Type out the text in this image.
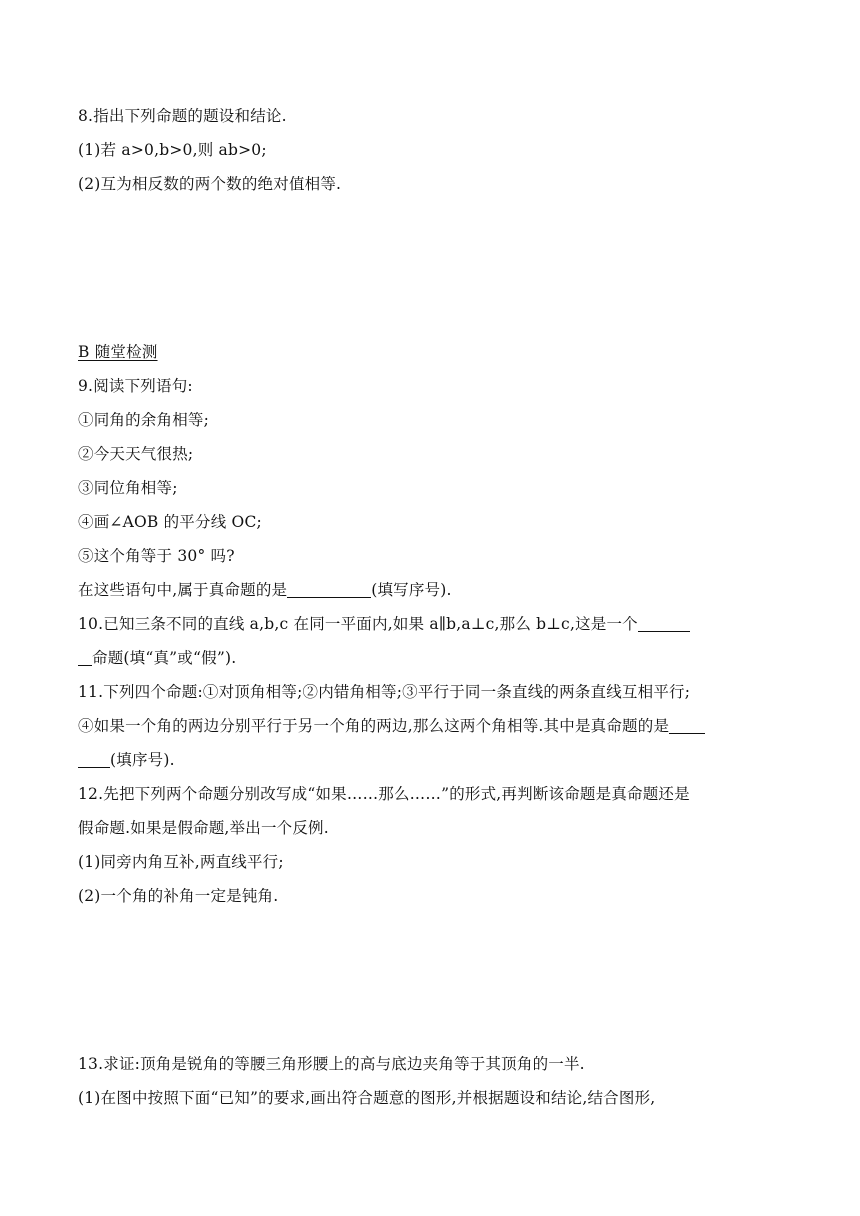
8.指出下列命题的题设和结论.
(1)若 a>0,b>0,则 ab>0;
(2)互为相反数的两个数的绝对值相等.
B 随堂检测
9.阅读下列语句:
①同角的余角相等;
②今天天气很热;
③同位角相等;
④画∠AOB 的平分线 OC;
⑤这个角等于 30° 吗?
在这些语句中,属于真命题的是	(填写序号).
10.已知三条不同的直线 a,b,c 在同一平面内,如果 a∥b,a⊥c,那么 b⊥c,这是一个
命题(填“真”或“假”).
11.下列四个命题:①对顶角相等;②内错角相等;③平行于同一条直线的两条直线互相平行;
④如果一个角的两边分别平行于另一个角的两边,那么这两个角相等.其中是真命题的是
(填序号).
12.先把下列两个命题分别改写成“如果……那么……”的形式,再判断该命题是真命题还是
假命题.如果是假命题,举出一个反例.
(1)同旁内角互补,两直线平行;
(2)一个角的补角一定是钝角.
13.求证:顶角是锐角的等腰三角形腰上的高与底边夹角等于其顶角的一半.
(1)在图中按照下面“已知”的要求,画出符合题意的图形,并根据题设和结论,结合图形,
